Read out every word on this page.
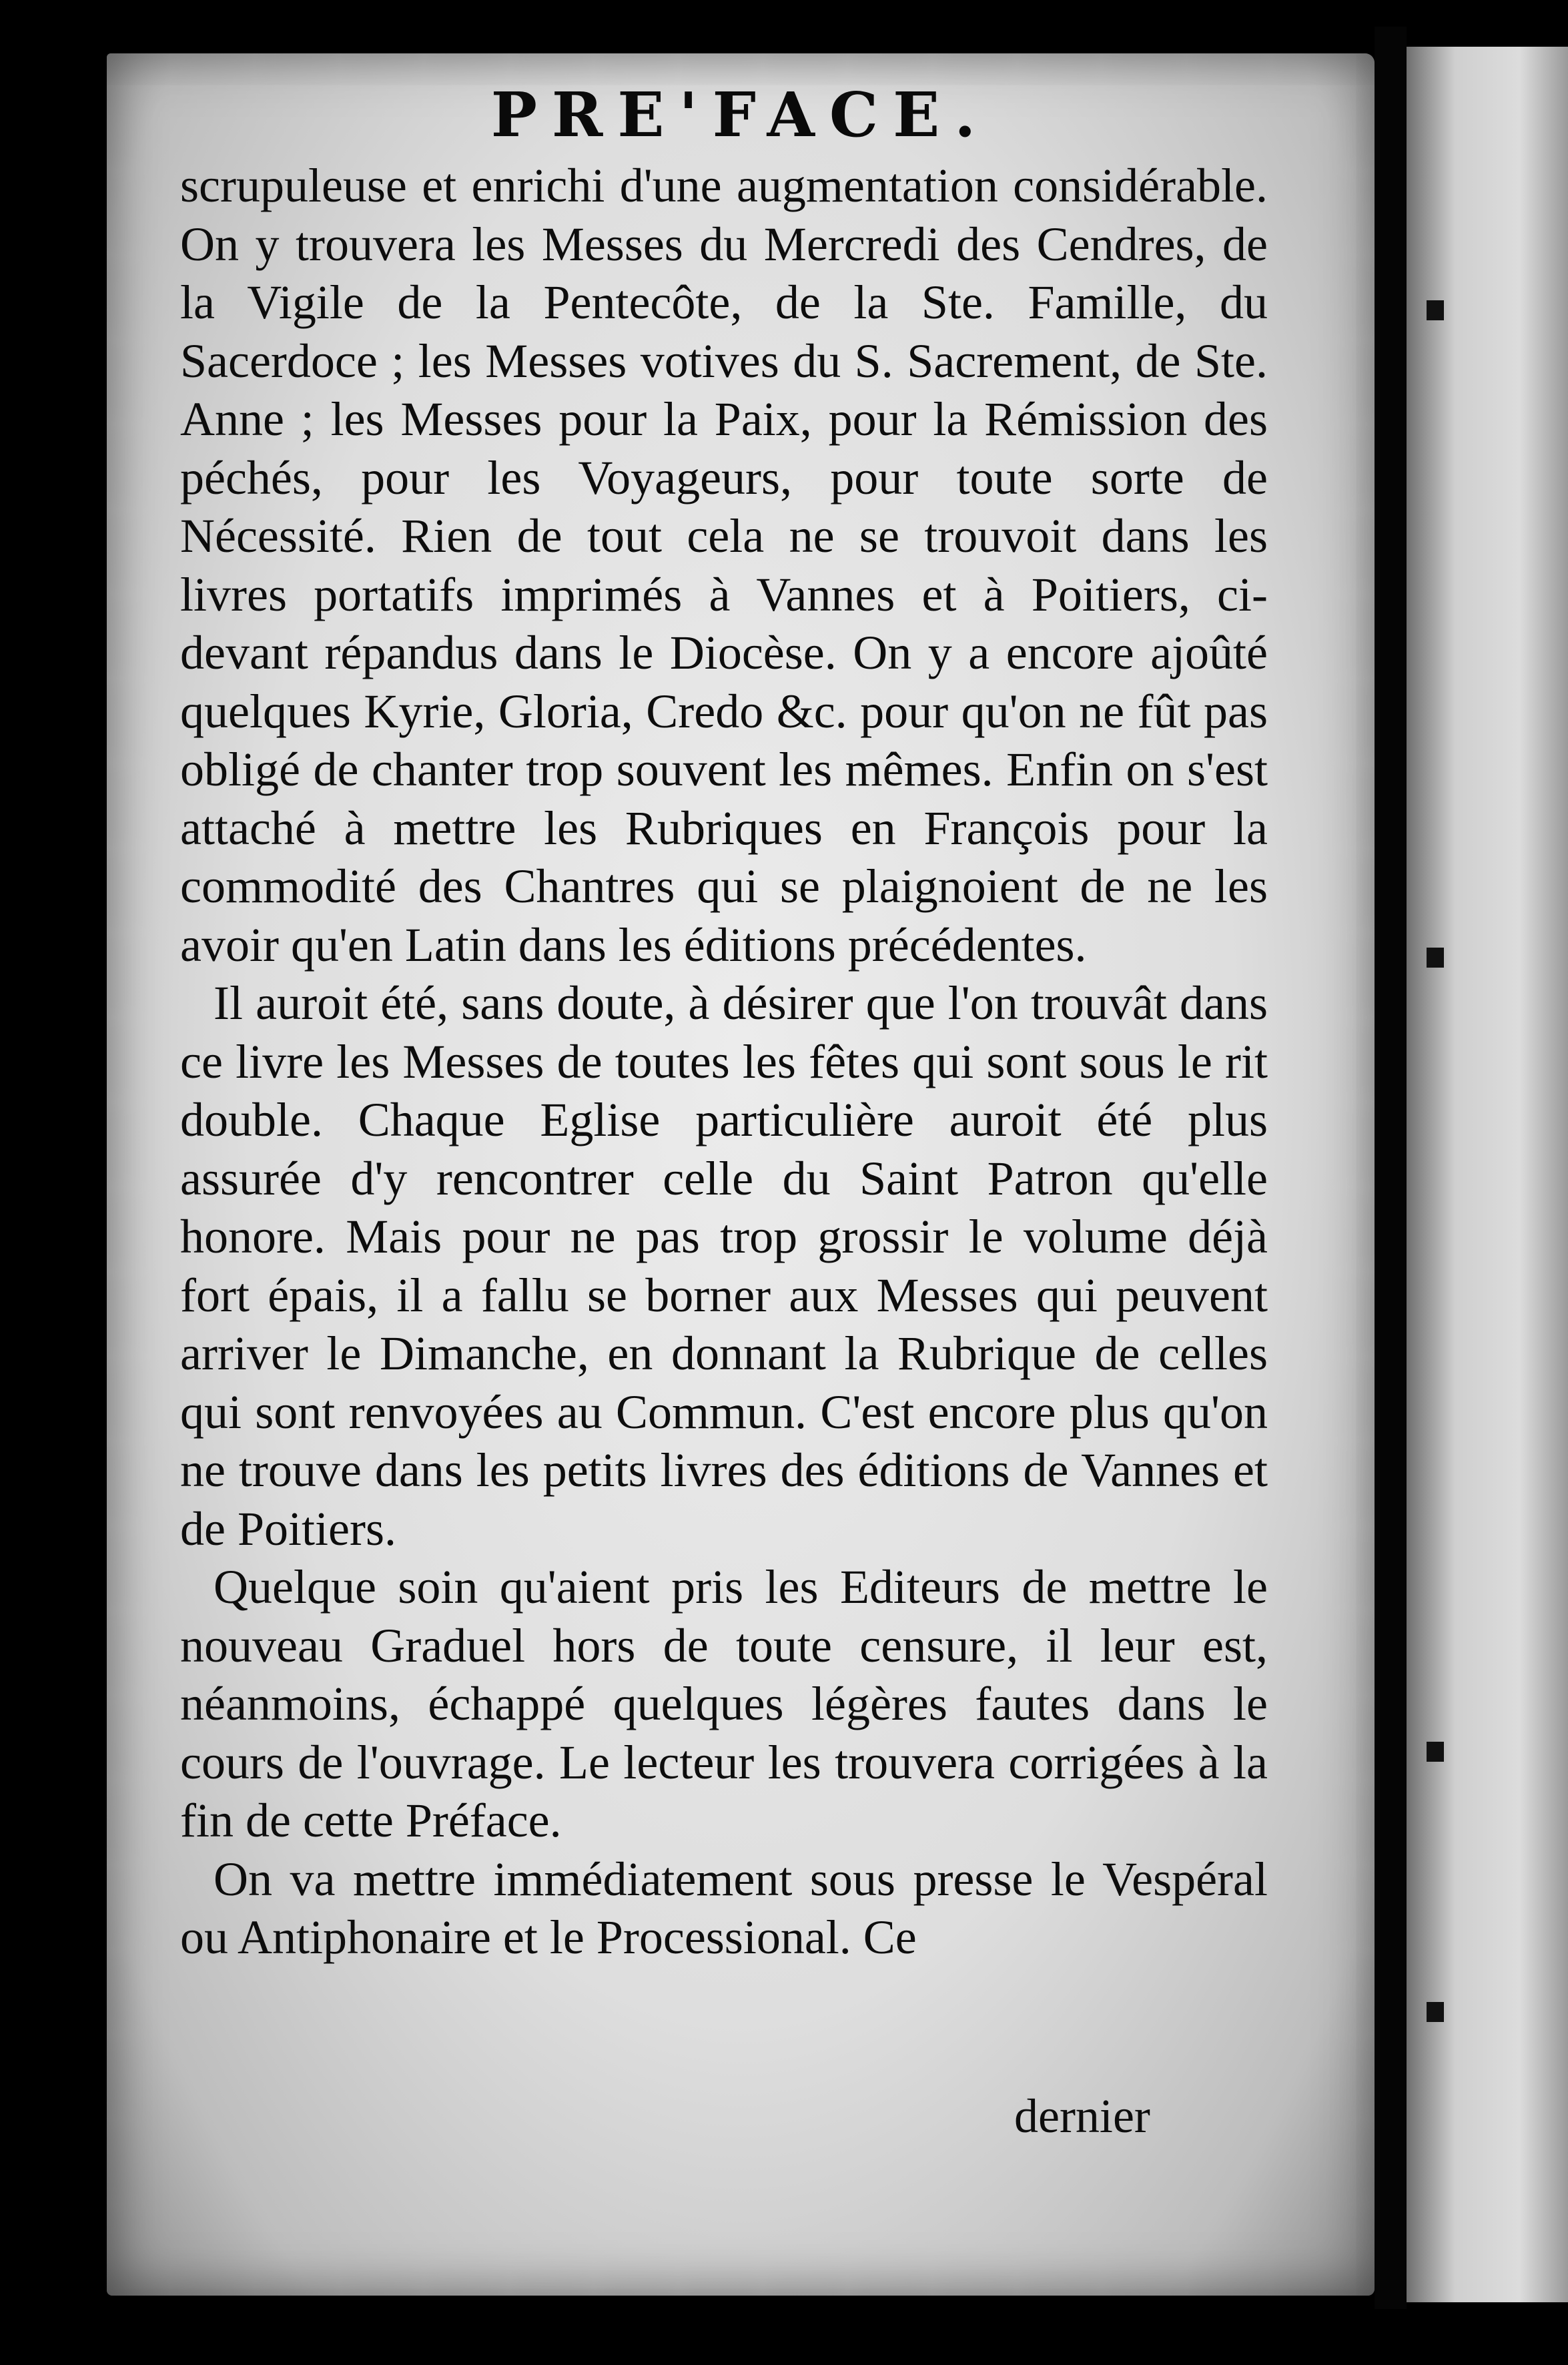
PRE'FACE.

scrupuleuse et enrichi d'une augmentation considérable. On y trouvera les Messes du Mercredi des Cendres, de la Vigile de la Pentecôte, de la Ste. Famille, du Sacerdoce ; les Messes votives du S. Sacrement, de Ste. Anne ; les Messes pour la Paix, pour la Rémission des péchés, pour les Voyageurs, pour toute sorte de Nécessité. Rien de tout cela ne se trouvoit dans les livres portatifs imprimés à Vannes et à Poitiers, ci-devant répandus dans le Diocèse. On y a encore ajoûté quelques Kyrie, Gloria, Credo &c. pour qu'on ne fût pas obligé de chanter trop souvent les mêmes. Enfin on s'est attaché à mettre les Rubriques en François pour la commodité des Chantres qui se plaignoient de ne les avoir qu'en Latin dans les éditions précédentes.

Il auroit été, sans doute, à désirer que l'on trouvât dans ce livre les Messes de toutes les fêtes qui sont sous le rit double. Chaque Eglise particulière auroit été plus assurée d'y rencontrer celle du Saint Patron qu'elle honore. Mais pour ne pas trop grossir le volume déjà fort épais, il a fallu se borner aux Messes qui peuvent arriver le Dimanche, en donnant la Rubrique de celles qui sont renvoyées au Commun. C'est encore plus qu'on ne trouve dans les petits livres des éditions de Vannes et de Poitiers.

Quelque soin qu'aient pris les Editeurs de mettre le nouveau Graduel hors de toute censure, il leur est, néanmoins, échappé quelques légères fautes dans le cours de l'ouvrage. Le lecteur les trouvera corrigées à la fin de cette Préface.

On va mettre immédiatement sous presse le Vespéral ou Antiphonaire et le Processional. Ce

dernier
